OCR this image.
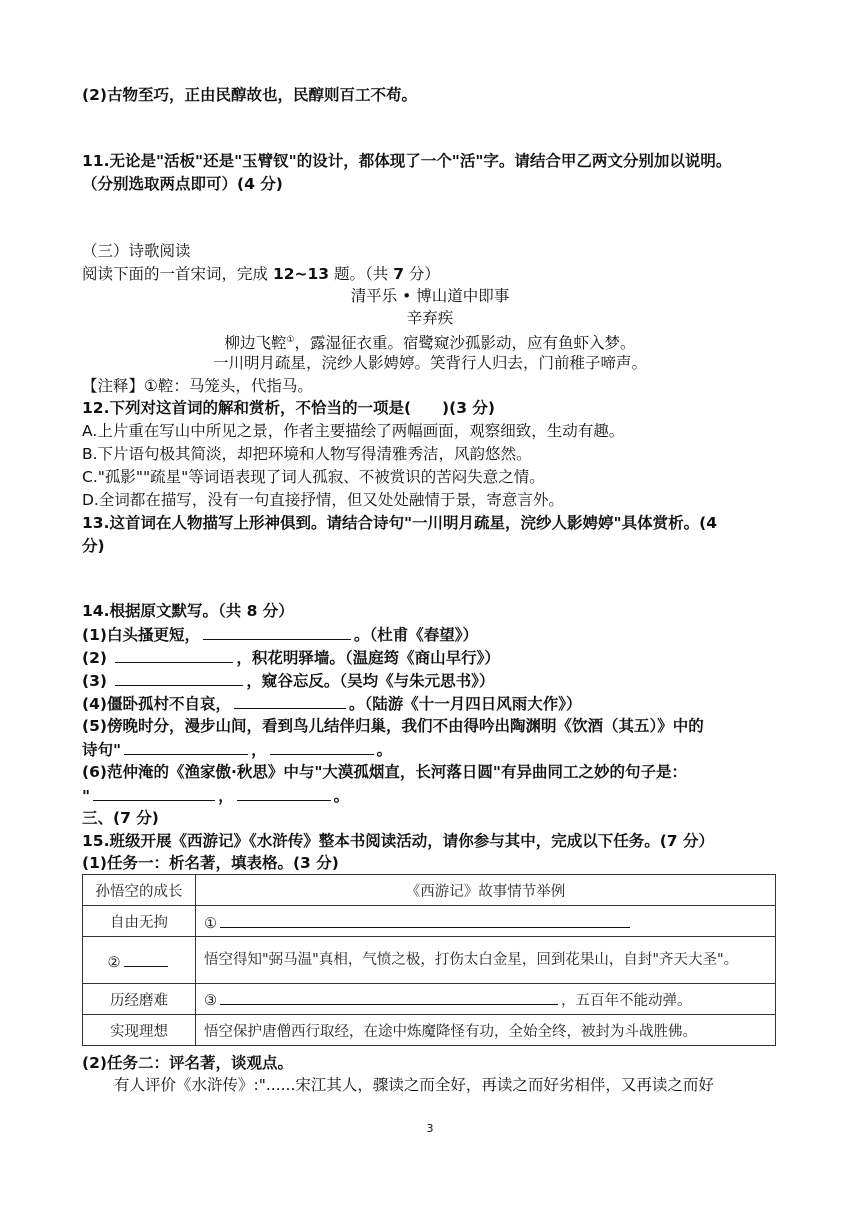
(2)古物至巧，正由民醇故也，民醇则百工不苟。
11.无论是"活板"还是"玉臂钗"的设计，都体现了一个"活"字。请结合甲乙两文分别加以说明。
（分别选取两点即可）(4 分)
（三）诗歌阅读
阅读下面的一首宋词，完成 12~13 题。（共 7 分）
清平乐 • 博山道中即事
辛弃疾
柳边飞鞚①，露湿征衣重。宿鹭窥沙孤影动，应有鱼虾入梦。
一川明月疏星，浣纱人影娉婷。笑背行人归去，门前稚子啼声。
【注释】①鞚：马笼头，代指马。
12.下列对这首词的解和赏析，不恰当的一项是(　　)(3 分)
A.上片重在写山中所见之景，作者主要描绘了两幅画面，观察细致，生动有趣。
B.下片语句极其简淡，却把环境和人物写得清雅秀洁，风韵悠然。
C."孤影""疏星"等词语表现了词人孤寂、不被赏识的苦闷失意之情。
D.全词都在描写，没有一句直接抒情，但又处处融情于景，寄意言外。
13.这首词在人物描写上形神俱到。请结合诗句"一川明月疏星，浣纱人影娉婷"具体赏析。(4
分)
14.根据原文默写。（共 8 分）
(1)白头搔更短，	。（杜甫《春望》）
(2)	，积花明驿墙。（温庭筠《商山早行》）
(3)	，窥谷忘反。（吴均《与朱元思书》）
(4)僵卧孤村不自哀，	。（陆游《十一月四日风雨大作》）
(5)傍晚时分，漫步山间，看到鸟儿结伴归巢，我们不由得吟出陶渊明《饮酒（其五）》中的
诗句"	，	。
(6)范仲淹的《渔家傲·秋思》中与"大漠孤烟直，长河落日圆"有异曲同工之妙的句子是：
"	，	。
三、(7 分)
15.班级开展《西游记》《水浒传》整本书阅读活动，请你参与其中，完成以下任务。(7 分）
(1)任务一：析名著，填表格。(3 分)
孙悟空的成长	《西游记》故事情节举例
自由无拘	①
②	悟空得知"弼马温"真相，气愤之极，打伤太白金星，回到花果山，自封"齐天大圣"。
历经磨难	③ ，五百年不能动弹。
实现理想	悟空保护唐僧西行取经，在途中炼魔降怪有功，全始全终，被封为斗战胜佛。
(2)任务二：评名著，谈观点。
有人评价《水浒传》:"......宋江其人，骤读之而全好，再读之而好劣相伴，又再读之而好
3
